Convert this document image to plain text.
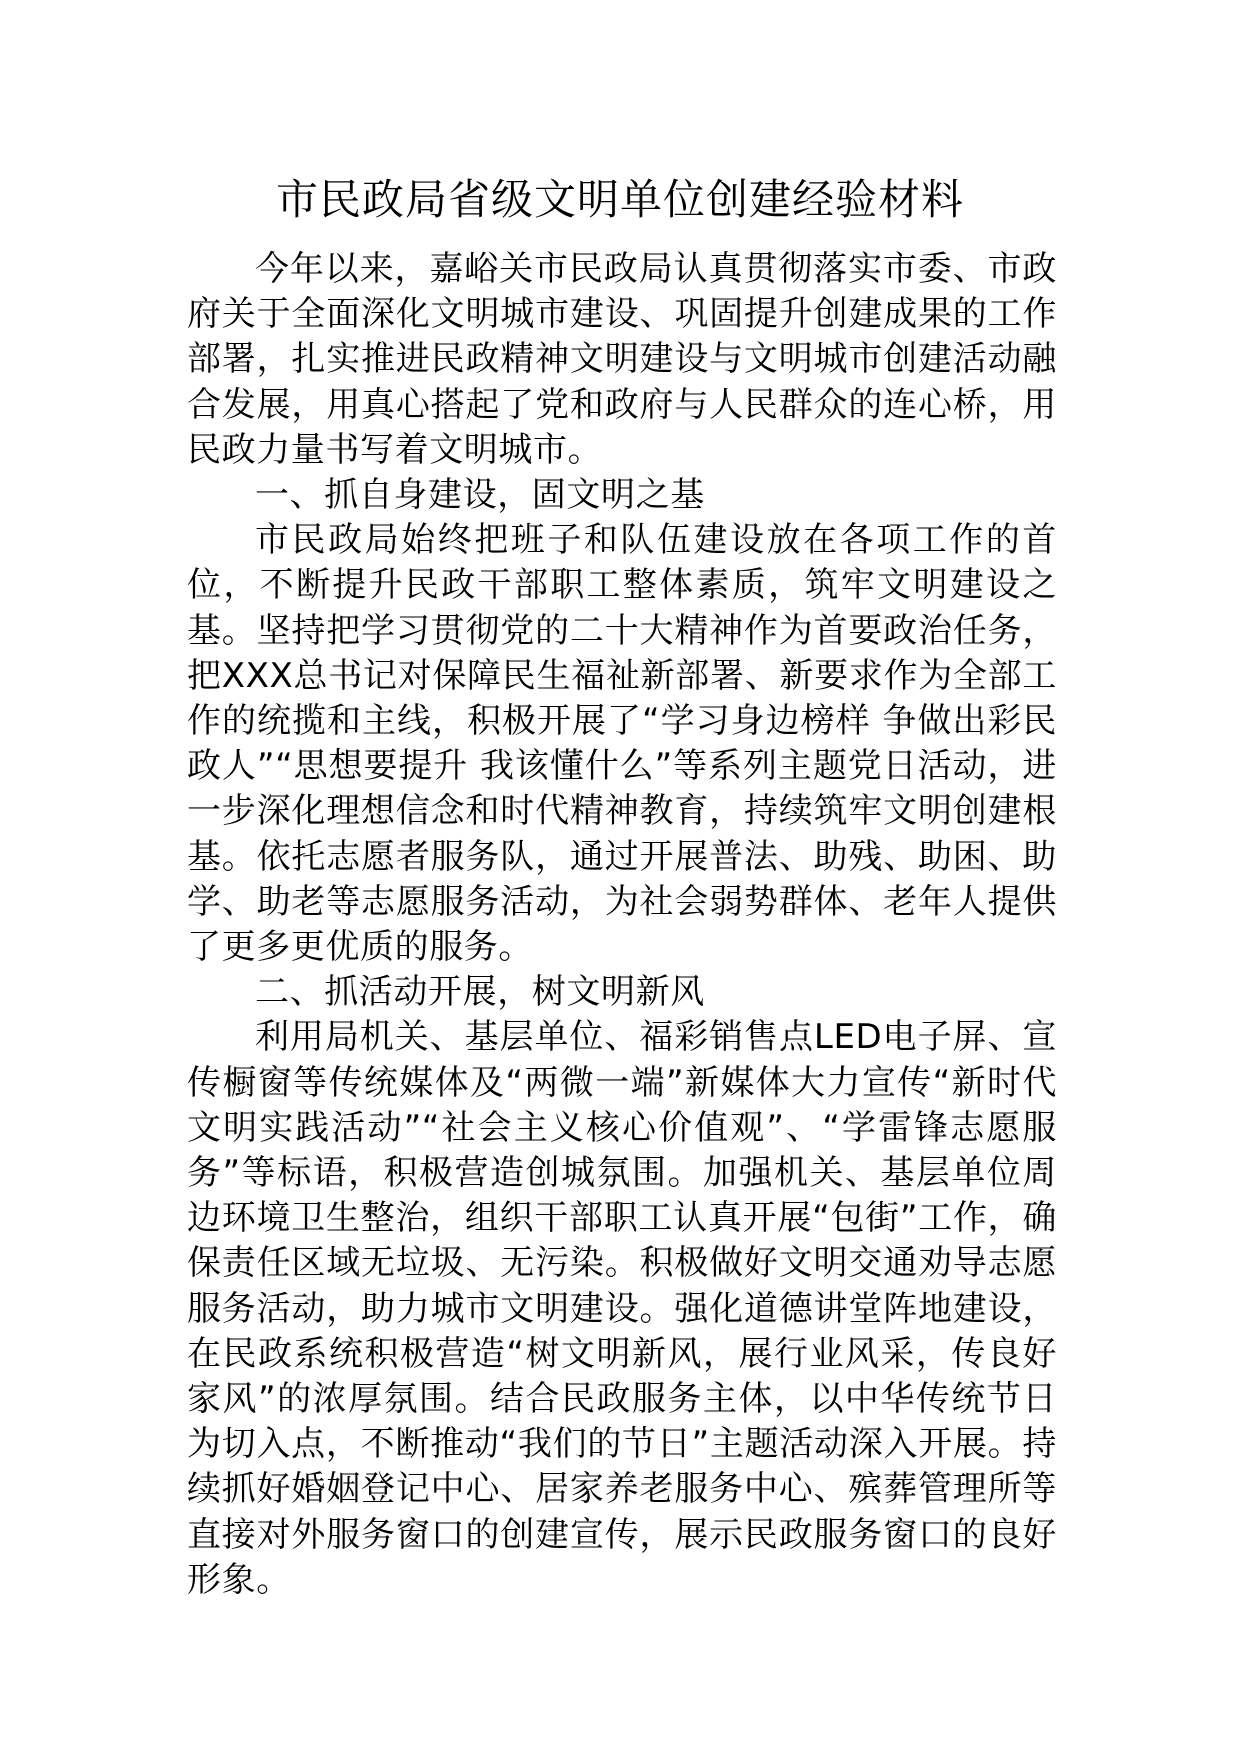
市民政局省级文明单位创建经验材料

今年以来，嘉峪关市民政局认真贯彻落实市委、市政府关于全面深化文明城市建设、巩固提升创建成果的工作部署，扎实推进民政精神文明建设与文明城市创建活动融合发展，用真心搭起了党和政府与人民群众的连心桥，用民政力量书写着文明城市。

一、抓自身建设，固文明之基

市民政局始终把班子和队伍建设放在各项工作的首位，不断提升民政干部职工整体素质，筑牢文明建设之基。坚持把学习贯彻党的二十大精神作为首要政治任务，把XXX总书记对保障民生福祉新部署、新要求作为全部工作的统揽和主线，积极开展了“学习身边榜样 争做出彩民政人”“思想要提升 我该懂什么”等系列主题党日活动，进一步深化理想信念和时代精神教育，持续筑牢文明创建根基。依托志愿者服务队，通过开展普法、助残、助困、助学、助老等志愿服务活动，为社会弱势群体、老年人提供了更多更优质的服务。

二、抓活动开展，树文明新风

利用局机关、基层单位、福彩销售点LED电子屏、宣传橱窗等传统媒体及“两微一端”新媒体大力宣传“新时代文明实践活动”“社会主义核心价值观”、“学雷锋志愿服务”等标语，积极营造创城氛围。加强机关、基层单位周边环境卫生整治，组织干部职工认真开展“包街”工作，确保责任区域无垃圾、无污染。积极做好文明交通劝导志愿服务活动，助力城市文明建设。强化道德讲堂阵地建设，在民政系统积极营造“树文明新风，展行业风采，传良好家风”的浓厚氛围。结合民政服务主体，以中华传统节日为切入点，不断推动“我们的节日”主题活动深入开展。持续抓好婚姻登记中心、居家养老服务中心、殡葬管理所等直接对外服务窗口的创建宣传，展示民政服务窗口的良好形象。
